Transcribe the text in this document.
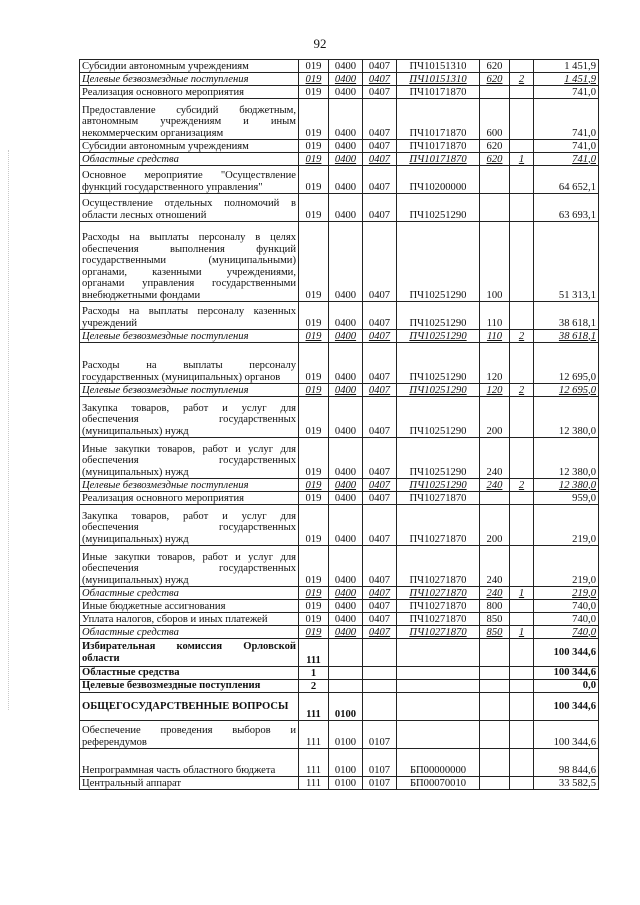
92
Субсидии автономным учреждениям	019	0400	0407	ПЧ10151310	620		1 451,9
Целевые безвозмездные поступления	019	0400	0407	ПЧ10151310	620	2	1 451,9
Реализация основного мероприятия	019	0400	0407	ПЧ10171870			741,0
Предоставление субсидий бюджетным, автономным учреждениям и иным некоммерческим организациям	019	0400	0407	ПЧ10171870	600		741,0
Субсидии автономным учреждениям	019	0400	0407	ПЧ10171870	620		741,0
Областные средства	019	0400	0407	ПЧ10171870	620	1	741,0
Основное мероприятие "Осуществление функций государственного управления"	019	0400	0407	ПЧ10200000			64 652,1
Осуществление отдельных полномочий в области лесных отношений	019	0400	0407	ПЧ10251290			63 693,1
Расходы на выплаты персоналу в целях обеспечения выполнения функций государственными (муниципальными) органами, казенными учреждениями, органами управления государственными внебюджетными фондами	019	0400	0407	ПЧ10251290	100		51 313,1
Расходы на выплаты персоналу казенных учреждений	019	0400	0407	ПЧ10251290	110		38 618,1
Целевые безвозмездные поступления	019	0400	0407	ПЧ10251290	110	2	38 618,1
Расходы на выплаты персоналу государственных (муниципальных) органов	019	0400	0407	ПЧ10251290	120		12 695,0
Целевые безвозмездные поступления	019	0400	0407	ПЧ10251290	120	2	12 695,0
Закупка товаров, работ и услуг для обеспечения государственных (муниципальных) нужд	019	0400	0407	ПЧ10251290	200		12 380,0
Иные закупки товаров, работ и услуг для обеспечения государственных (муниципальных) нужд	019	0400	0407	ПЧ10251290	240		12 380,0
Целевые безвозмездные поступления	019	0400	0407	ПЧ10251290	240	2	12 380,0
Реализация основного мероприятия	019	0400	0407	ПЧ10271870			959,0
Закупка товаров, работ и услуг для обеспечения государственных (муниципальных) нужд	019	0400	0407	ПЧ10271870	200		219,0
Иные закупки товаров, работ и услуг для обеспечения государственных (муниципальных) нужд	019	0400	0407	ПЧ10271870	240		219,0
Областные средства	019	0400	0407	ПЧ10271870	240	1	219,0
Иные бюджетные ассигнования	019	0400	0407	ПЧ10271870	800		740,0
Уплата налогов, сборов и иных платежей	019	0400	0407	ПЧ10271870	850		740,0
Областные средства	019	0400	0407	ПЧ10271870	850	1	740,0
Избирательная комиссия Орловской области	111						100 344,6
Областные средства	1						100 344,6
Целевые безвозмездные поступления	2						0,0
ОБЩЕГОСУДАРСТВЕННЫЕ ВОПРОСЫ	111	0100					100 344,6
Обеспечение проведения выборов и референдумов	111	0100	0107				100 344,6
Непрограммная часть областного бюджета	111	0100	0107	БП00000000			98 844,6
Центральный аппарат	111	0100	0107	БП00070010			33 582,5
